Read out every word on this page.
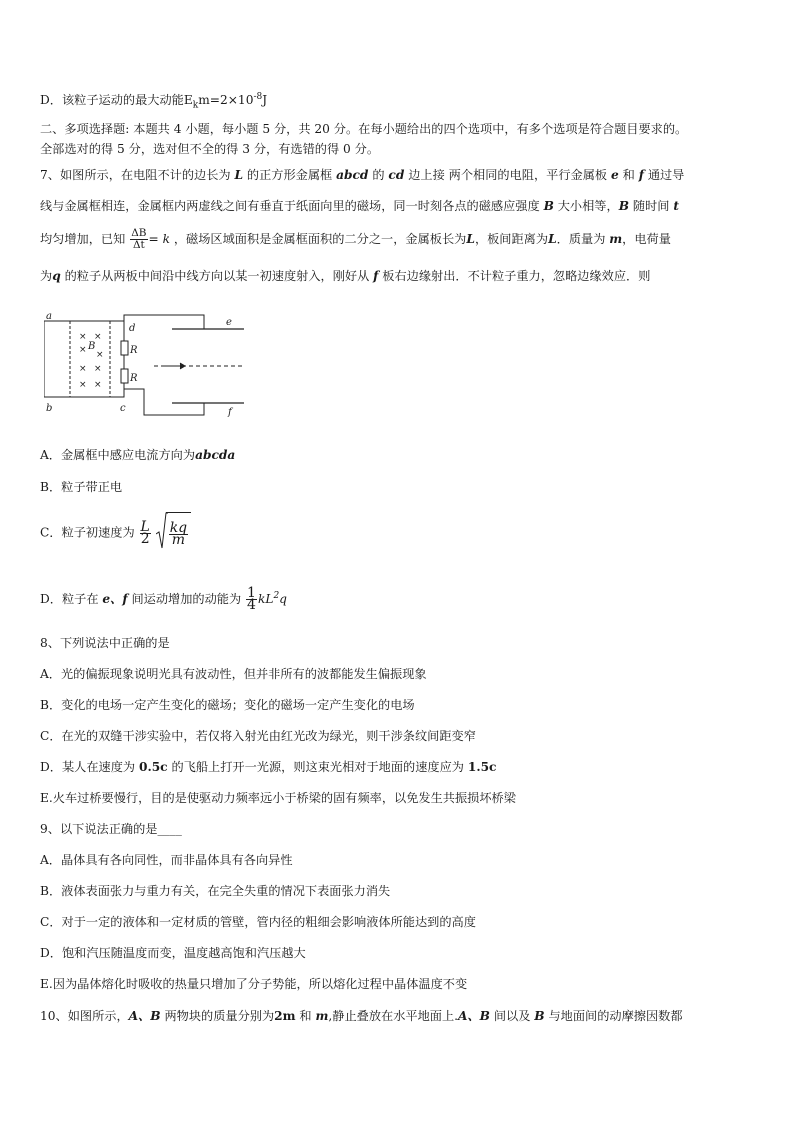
D．该粒子运动的最大动能$E_km=2\times 10^{-8}J$
二、多项选择题: 本题共 4 小题，每小题 5 分，共 20 分。在每小题给出的四个选项中，有多个选项是符合题目要求的。
全部选对的得 5 分，选对但不全的得 3 分，有选错的得 0 分。
7、如图所示，在电阻不计的边长为 L 的正方形金属框 abcd 的 cd 边上接 两个相同的电阻，平行金属板 e 和 f 通过导
线与金属框相连，金属框内两虚线之间有垂直于纸面向里的磁场，同一时刻各点的磁感应强度 B 大小相等，B 随时间 t
均匀增加，已知 $\frac{\Delta B}{\Delta t} = k$ ，磁场区域面积是金属框面积的二分之一，金属板长为L，板间距离为L．质量为 m，电荷量
为q 的粒子从两板中间沿中线方向以某一初速度射入，刚好从 f 板右边缘射出．不计粒子重力，忽略边缘效应．则
a
b	c
d
e
f
B	R
R
× ×
× ×
× ×
× ×
A．金属框中感应电流方向为abcda
B．粒子带正电
C．粒子初速度为 $\frac{L}{2}$
$\frac{kq}{m}$
D．粒子在 e、f 间运动增加的动能为 $\frac{1}{4} kL^2q$
8、下列说法中正确的是
A．光的偏振现象说明光具有波动性，但并非所有的波都能发生偏振现象
B．变化的电场一定产生变化的磁场；变化的磁场一定产生变化的电场
C．在光的双缝干涉实验中，若仅将入射光由红光改为绿光，则干涉条纹间距变窄
D．某人在速度为 0.5c 的飞船上打开一光源，则这束光相对于地面的速度应为 1.5c
E.火车过桥要慢行，目的是使驱动力频率远小于桥梁的固有频率，以免发生共振损坏桥梁
9、以下说法正确的是____
A．晶体具有各向同性，而非晶体具有各向异性
B．液体表面张力与重力有关，在完全失重的情况下表面张力消失
C．对于一定的液体和一定材质的管壁，管内径的粗细会影响液体所能达到的高度
D．饱和汽压随温度而变，温度越高饱和汽压越大
E.因为晶体熔化时吸收的热量只增加了分子势能，所以熔化过程中晶体温度不变
10、如图所示，A、B 两物块的质量分别为2m 和 m,静止叠放在水平地面上.A、B 间以及 B 与地面间的动摩擦因数都
